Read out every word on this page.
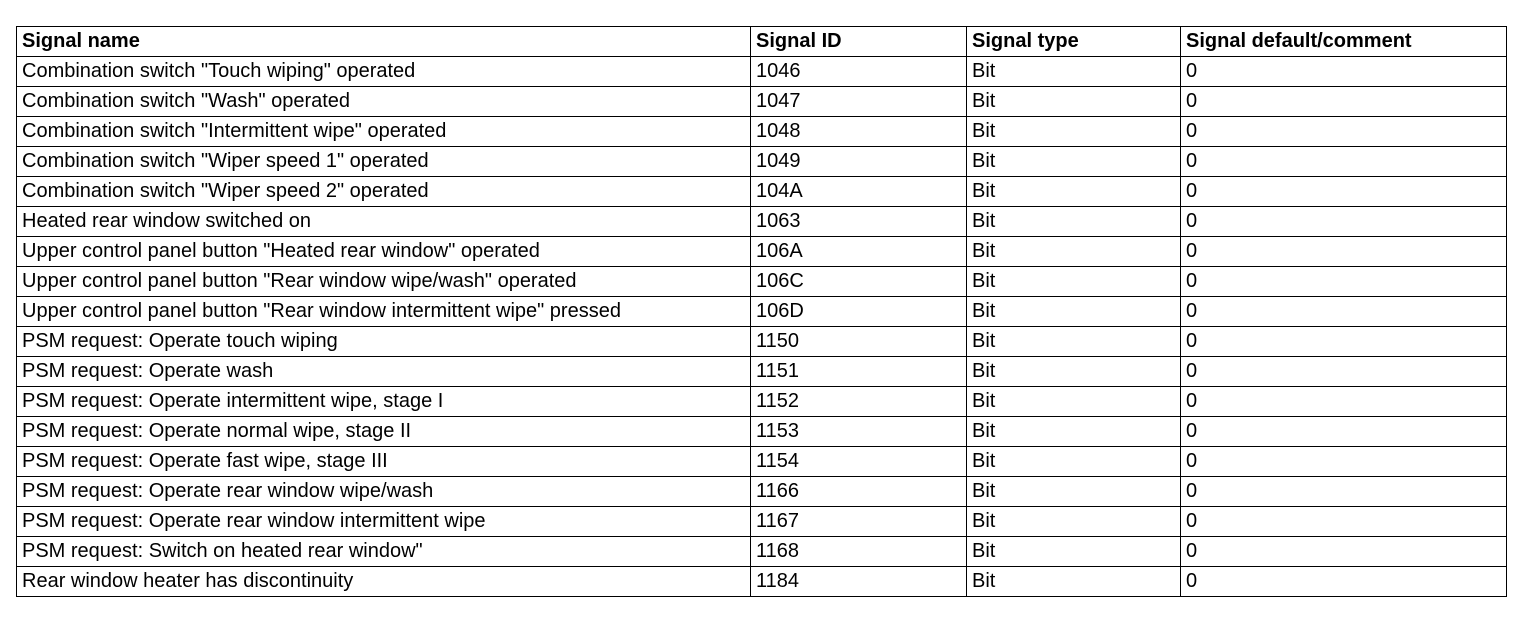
Signal name	Signal ID	Signal type	Signal default/comment
Combination switch "Touch wiping" operated	1046	Bit	0
Combination switch "Wash" operated	1047	Bit	0
Combination switch "Intermittent wipe" operated	1048	Bit	0
Combination switch "Wiper speed 1" operated	1049	Bit	0
Combination switch "Wiper speed 2" operated	104A	Bit	0
Heated rear window switched on	1063	Bit	0
Upper control panel button "Heated rear window" operated	106A	Bit	0
Upper control panel button "Rear window wipe/wash" operated	106C	Bit	0
Upper control panel button "Rear window intermittent wipe" pressed	106D	Bit	0
PSM request: Operate touch wiping	1150	Bit	0
PSM request: Operate wash	1151	Bit	0
PSM request: Operate intermittent wipe, stage I	1152	Bit	0
PSM request: Operate normal wipe, stage II	1153	Bit	0
PSM request: Operate fast wipe, stage III	1154	Bit	0
PSM request: Operate rear window wipe/wash	1166	Bit	0
PSM request: Operate rear window intermittent wipe	1167	Bit	0
PSM request: Switch on heated rear window"	1168	Bit	0
Rear window heater has discontinuity	1184	Bit	0
